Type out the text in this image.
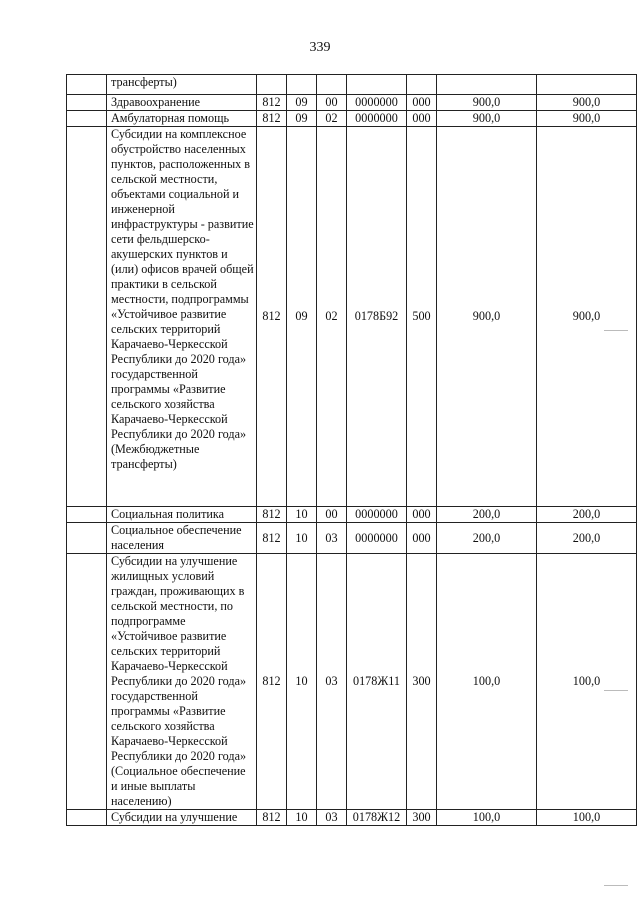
339
	трансферты)							
	Здравоохранение	812	09	00	0000000	000	900,0	900,0
	Амбулаторная помощь	812	09	02	0000000	000	900,0	900,0
	Субсидии на комплексное обустройство населенных пунктов, расположенных в сельской местности, объектами социальной и инженерной инфраструктуры - развитие сети фельдшерско-акушерских пунктов и (или) офисов врачей общей практики в сельской местности, подпрограммы «Устойчивое развитие сельских территорий Карачаево-Черкесской Республики до 2020 года» государственной программы «Развитие сельского хозяйства Карачаево-Черкесской Республики до 2020 года» (Межбюджетные трансферты)	812	09	02	0178Б92	500	900,0	900,0
	Социальная политика	812	10	00	0000000	000	200,0	200,0
	Социальное обеспечение населения	812	10	03	0000000	000	200,0	200,0
	Субсидии на улучшение жилищных условий граждан, проживающих в сельской местности, по подпрограмме «Устойчивое развитие сельских территорий Карачаево-Черкесской Республики до 2020 года» государственной программы «Развитие сельского хозяйства Карачаево-Черкесской Республики до 2020 года» (Социальное обеспечение и иные выплаты населению)	812	10	03	0178Ж11	300	100,0	100,0
	Субсидии на улучшение	812	10	03	0178Ж12	300	100,0	100,0
